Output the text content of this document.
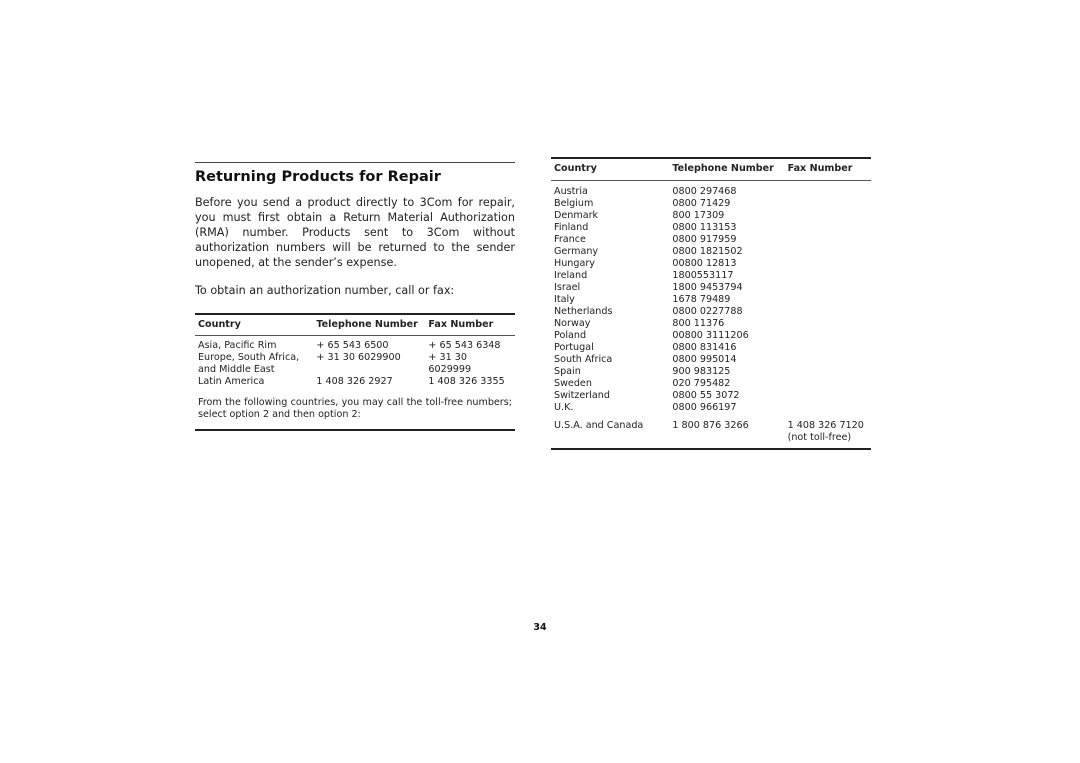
Returning Products for Repair

Before you send a product directly to 3Com for repair, you must first obtain a Return Material Authorization (RMA) number. Products sent to 3Com without authorization numbers will be returned to the sender unopened, at the sender’s expense.

To obtain an authorization number, call or fax:

Country	Telephone Number	Fax Number
Asia, Pacific Rim	+ 65 543 6500	+ 65 543 6348
Europe, South Africa,	+ 31 30 6029900	+ 31 30
and Middle East		6029999
Latin America	1 408 326 2927	1 408 326 3355

From the following countries, you may call the toll-free numbers; select option 2 and then option 2:

Country	Telephone Number	Fax Number
Austria	0800 297468	
Belgium	0800 71429	
Denmark	800 17309	
Finland	0800 113153	
France	0800 917959	
Germany	0800 1821502	
Hungary	00800 12813	
Ireland	1800553117	
Israel	1800 9453794	
Italy	1678 79489	
Netherlands	0800 0227788	
Norway	800 11376	
Poland	00800 3111206	
Portugal	0800 831416	
South Africa	0800 995014	
Spain	900 983125	
Sweden	020 795482	
Switzerland	0800 55 3072	
U.K.	0800 966197	
U.S.A. and Canada	1 800 876 3266	1 408 326 7120
		(not toll-free)
34
